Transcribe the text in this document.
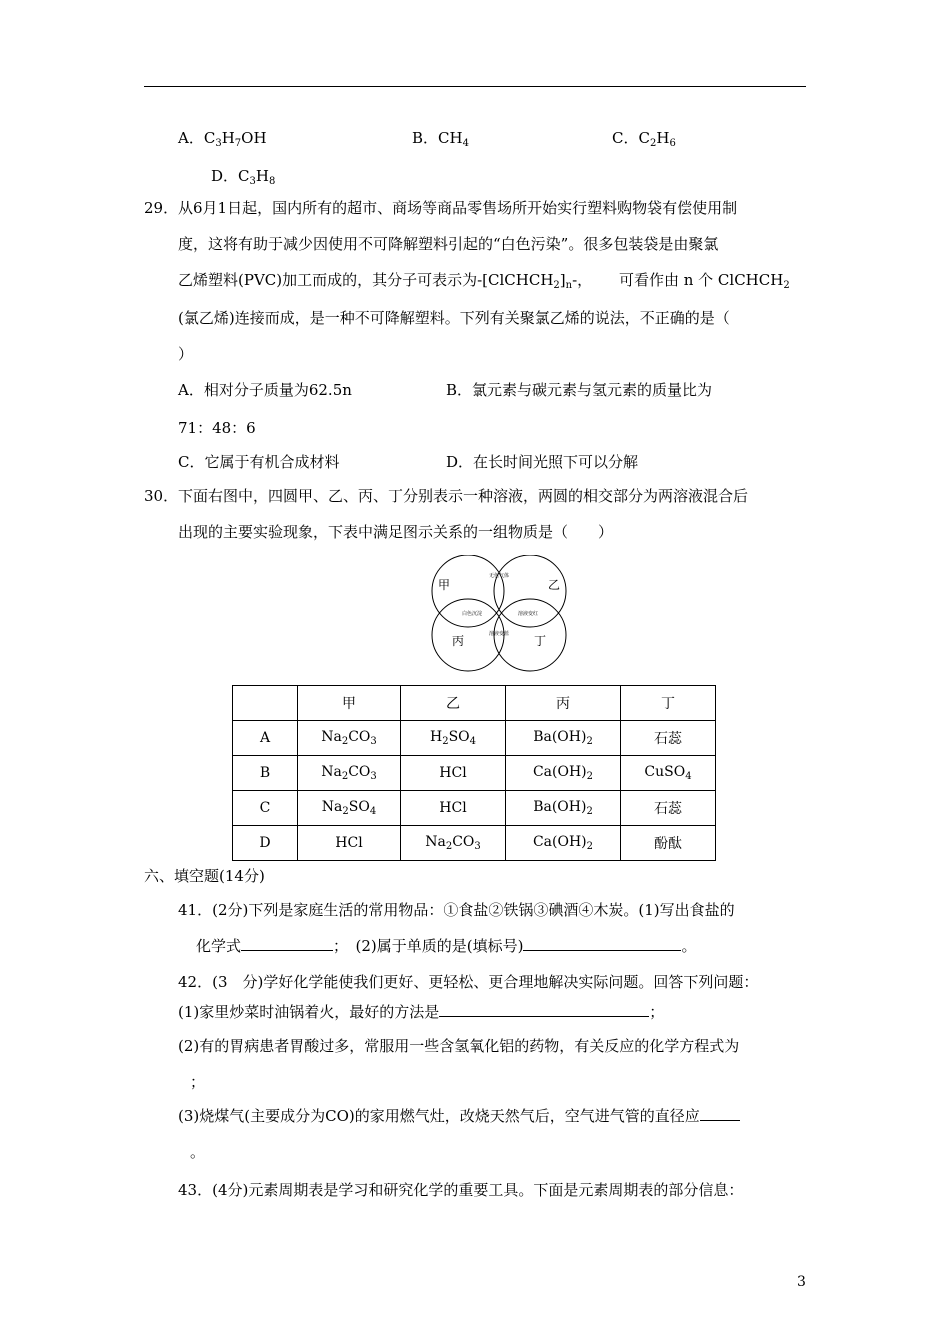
A．$C_3H_7OH$	B．$CH_4$	C．$C_2H_6$
D．$C_3H_8$
29． 从6月1日起，国内所有的超市、商场等商品零售场所开始实行塑料购物袋有偿使用制
度，这将有助于减少因使用不可降解塑料引起的“白色污染”。很多包装袋是由聚氯
乙烯塑料(PVC)加工而成的，其分子可表示为$-[ClCHCH_2]_n-$， 可看作由 n 个 ClCHCH$_2$
(氯乙烯)连接而成，是一种不可降解塑料。下列有关聚氯乙烯的说法，不正确的是（
）
A．相对分子质量为62.5n	B．氯元素与碳元素与氢元素的质量比为
71：48：6
C．它属于有机合成材料	D．在长时间光照下可以分解
30． 下面右图中，四圆甲、乙、丙、丁分别表示一种溶液，两圆的相交部分为两溶液混合后
出现的主要实验现象，下表中满足图示关系的一组物质是（　　）
甲	乙
丙	丁
无色气体
白色沉淀	溶液变红
溶液变蓝
	甲	乙	丙	丁
A	$Na_2CO_3$	$H_2SO_4$	$Ba(OH)_2$	石蕊
B	$Na_2CO_3$	HCl	$Ca(OH)_2$	CuSO$_4$
C	$Na_2SO_4$	HCl	$Ba(OH)_2$	石蕊
D	HCl	$Na_2CO_3$	$Ca(OH)_2$	酚酞
六、填空题(14分)
41．(2分)下列是家庭生活的常用物品：①食盐②铁锅③碘酒④木炭。(1)写出食盐的
化学式	；　(2)属于单质的是(填标号)	。
42．(3　分)学好化学能使我们更好、更轻松、更合理地解决实际问题。回答下列问题：
(1)家里炒菜时油锅着火，最好的方法是	；
(2)有的胃病患者胃酸过多，常服用一些含氢氧化铝的药物，有关反应的化学方程式为
；
(3)烧煤气(主要成分为CO)的家用燃气灶，改烧天然气后，空气进气管的直径应
。
43．(4分)元素周期表是学习和研究化学的重要工具。下面是元素周期表的部分信息：
3
